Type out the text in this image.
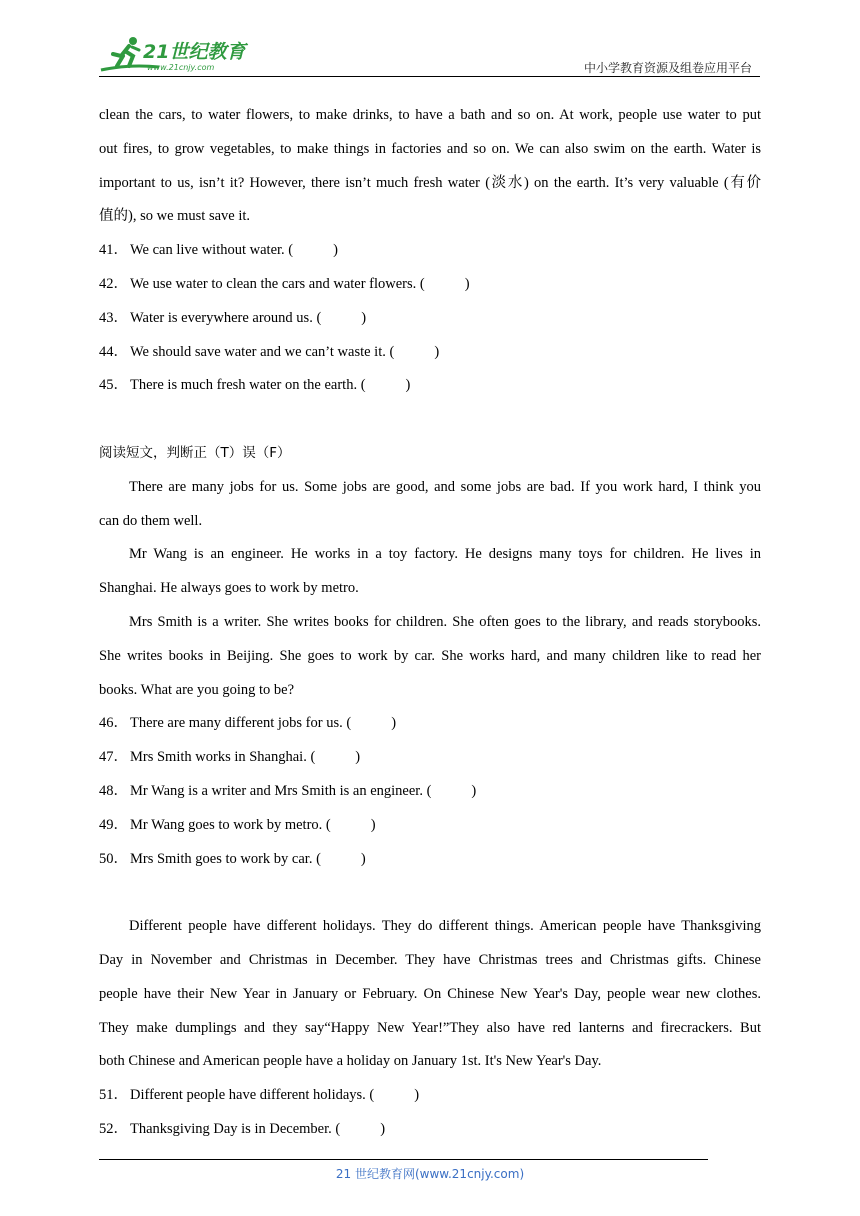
21世纪教育
www.21cnjy.com	中小学教育资源及组卷应用平台
clean the cars, to water flowers, to make drinks, to have a bath and so on. At work, people use water to put
out fires, to grow vegetables, to make things in factories and so on. We can also swim on the earth. Water is
important to us, isn’t it? However, there isn’t much fresh water (淡水) on the earth. It’s very valuable (有价
值的), so we must save it.
41． We can live without water. (	)
42． We use water to clean the cars and water flowers. (	)
43． Water is everywhere around us. (	)
44． We should save water and we can’t waste it. (	)
45． There is much fresh water on the earth. (	)
阅读短文，判断正（T）误（F）
There are many jobs for us. Some jobs are good, and some jobs are bad. If you work hard, I think you
can do them well.
Mr Wang is an engineer. He works in a toy factory. He designs many toys for children. He lives in
Shanghai. He always goes to work by metro.
Mrs Smith is a writer. She writes books for children. She often goes to the library, and reads storybooks.
She writes books in Beijing. She goes to work by car. She works hard, and many children like to read her
books. What are you going to be?
46． There are many different jobs for us. (	)
47． Mrs Smith works in Shanghai. (	)
48． Mr Wang is a writer and Mrs Smith is an engineer. (	)
49． Mr Wang goes to work by metro. (	)
50． Mrs Smith goes to work by car. (	)
Different people have different holidays. They do different things. American people have Thanksgiving
Day in November and Christmas in December. They have Christmas trees and Christmas gifts. Chinese
people have their New Year in January or February. On Chinese New Year's Day, people wear new clothes.
They make dumplings and they say“Happy New Year!”They also have red lanterns and firecrackers. But
both Chinese and American people have a holiday on January 1st. It's New Year's Day.
51． Different people have different holidays. (	)
52． Thanksgiving Day is in December. (	)
21 世纪教育网(www.21cnjy.com)
